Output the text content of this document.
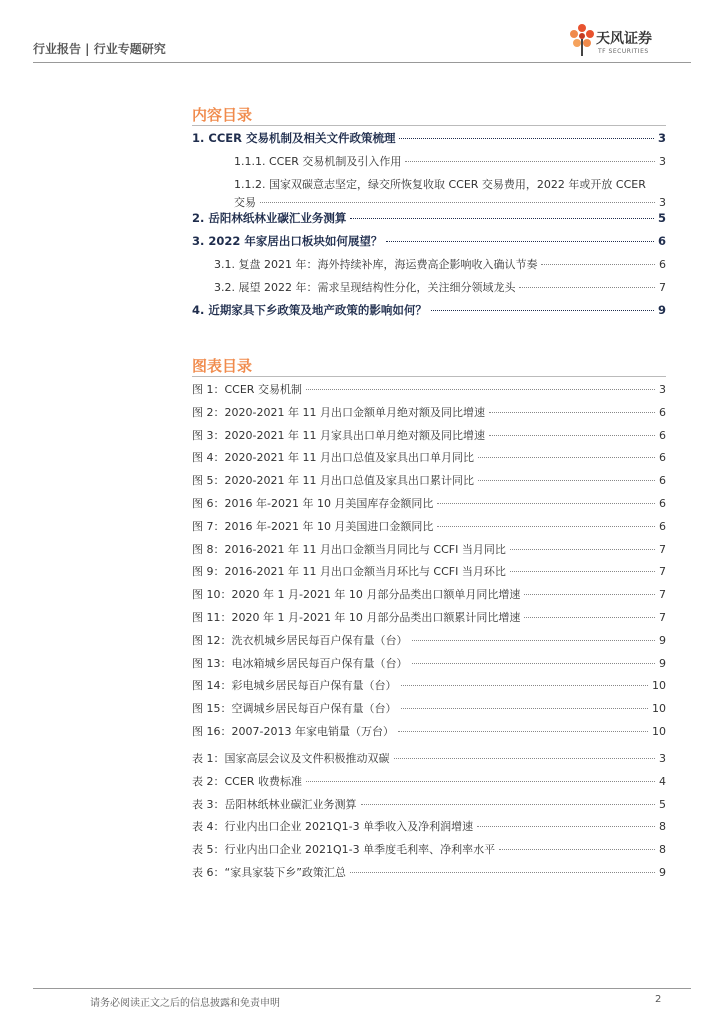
行业报告 | 行业专题研究
天风证券
TF SECURITIES
内容目录
1. CCER 交易机制及相关文件政策梳理	3
1.1.1. CCER 交易机制及引入作用	3
1.1.2. 国家双碳意志坚定，绿交所恢复收取 CCER 交易费用，2022 年或开放 CCER
交易	3
2. 岳阳林纸林业碳汇业务测算	5
3. 2022 年家居出口板块如何展望？	6
3.1. 复盘 2021 年：海外持续补库，海运费高企影响收入确认节奏	6
3.2. 展望 2022 年：需求呈现结构性分化，关注细分领域龙头	7
4. 近期家具下乡政策及地产政策的影响如何？	9
图表目录
图 1：CCER 交易机制	3
图 2：2020-2021 年 11 月出口金额单月绝对额及同比增速	6
图 3：2020-2021 年 11 月家具出口单月绝对额及同比增速	6
图 4：2020-2021 年 11 月出口总值及家具出口单月同比	6
图 5：2020-2021 年 11 月出口总值及家具出口累计同比	6
图 6：2016 年-2021 年 10 月美国库存金额同比	6
图 7：2016 年-2021 年 10 月美国进口金额同比	6
图 8：2016-2021 年 11 月出口金额当月同比与 CCFI 当月同比	7
图 9：2016-2021 年 11 月出口金额当月环比与 CCFI 当月环比	7
图 10：2020 年 1 月-2021 年 10 月部分品类出口额单月同比增速	7
图 11：2020 年 1 月-2021 年 10 月部分品类出口额累计同比增速	7
图 12：洗衣机城乡居民每百户保有量（台）	9
图 13：电冰箱城乡居民每百户保有量（台）	9
图 14：彩电城乡居民每百户保有量（台）	10
图 15：空调城乡居民每百户保有量（台）	10
图 16：2007-2013 年家电销量（万台）	10
表 1：国家高层会议及文件积极推动双碳	3
表 2：CCER 收费标准	4
表 3：岳阳林纸林业碳汇业务测算	5
表 4：行业内出口企业 2021Q1-3 单季收入及净利润增速	8
表 5：行业内出口企业 2021Q1-3 单季度毛利率、净利率水平	8
表 6：“家具家装下乡”政策汇总	9
请务必阅读正文之后的信息披露和免责申明	2
